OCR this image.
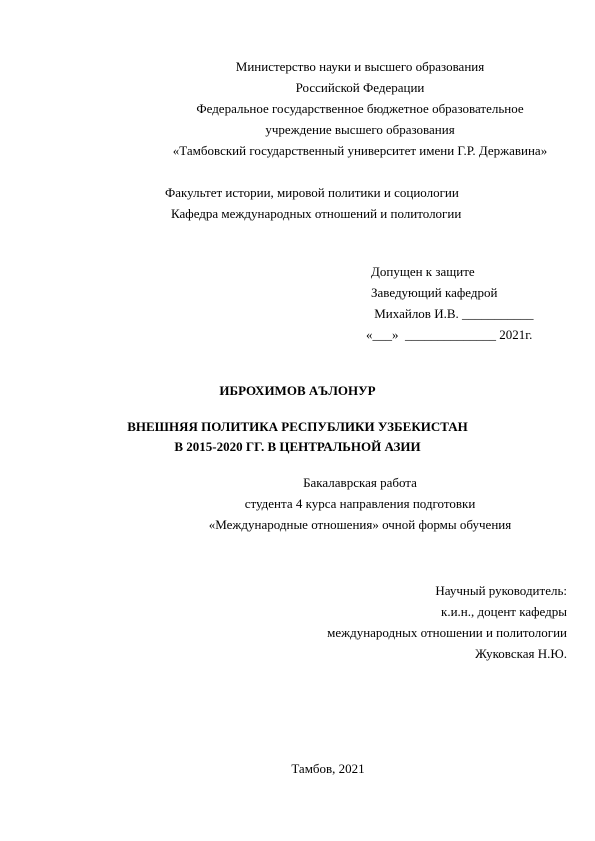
Министерство науки и высшего образования
Российской Федерации
Федеральное государственное бюджетное образовательное
учреждение высшего образования
«Тамбовский государственный университет имени Г.Р. Державина»
Факультет истории, мировой политики и социологии
Кафедра международных отношений и политологии
Допущен к защите
Заведующий кафедрой
Михайлов И.В. ___________
«___»  ______________ 2021г.
ИБРОХИМОВ АЪЛОНУР
ВНЕШНЯЯ ПОЛИТИКА РЕСПУБЛИКИ УЗБЕКИСТАН
В 2015-2020 ГГ. В ЦЕНТРАЛЬНОЙ АЗИИ
Бакалаврская работа
студента 4 курса направления подготовки
«Международные отношения» очной формы обучения
Научный руководитель:
к.и.н., доцент кафедры
международных отношении и политологии
Жуковская Н.Ю.
Тамбов, 2021
